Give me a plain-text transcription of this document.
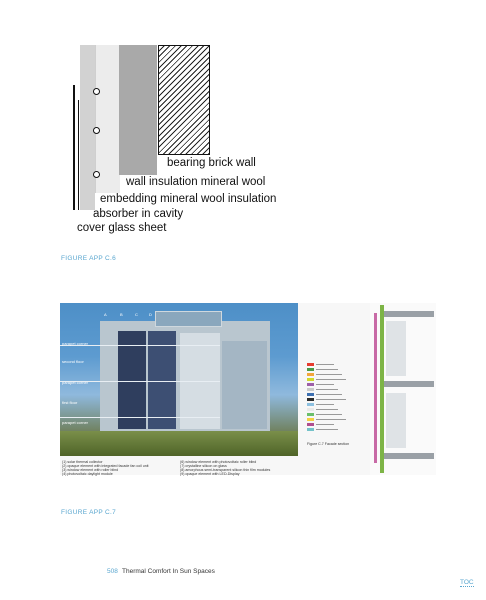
bearing brick wall
wall insulation mineral wool
embedding mineral wool insulation
absorber in cavity
cover glass sheet
FIGURE APP C.6
A	B	C	D
parapet corner
second floor
parapet corner
first floor
parapet corner
(1) solar thermal collector
(2) opaque element with integrated facade fan coil unit
(3) window element with roller blind
(4) photovoltaic daylight module
(6) window element with photovoltaic roller blind
(7) crystalline silicon on glass
(8) amorphous semi-transparent silicon thin film modules
(9) opaque element with LED-Display
Figure C.7 Facade section
FIGURE APP C.7
508 Thermal Comfort In Sun Spaces
TOC
